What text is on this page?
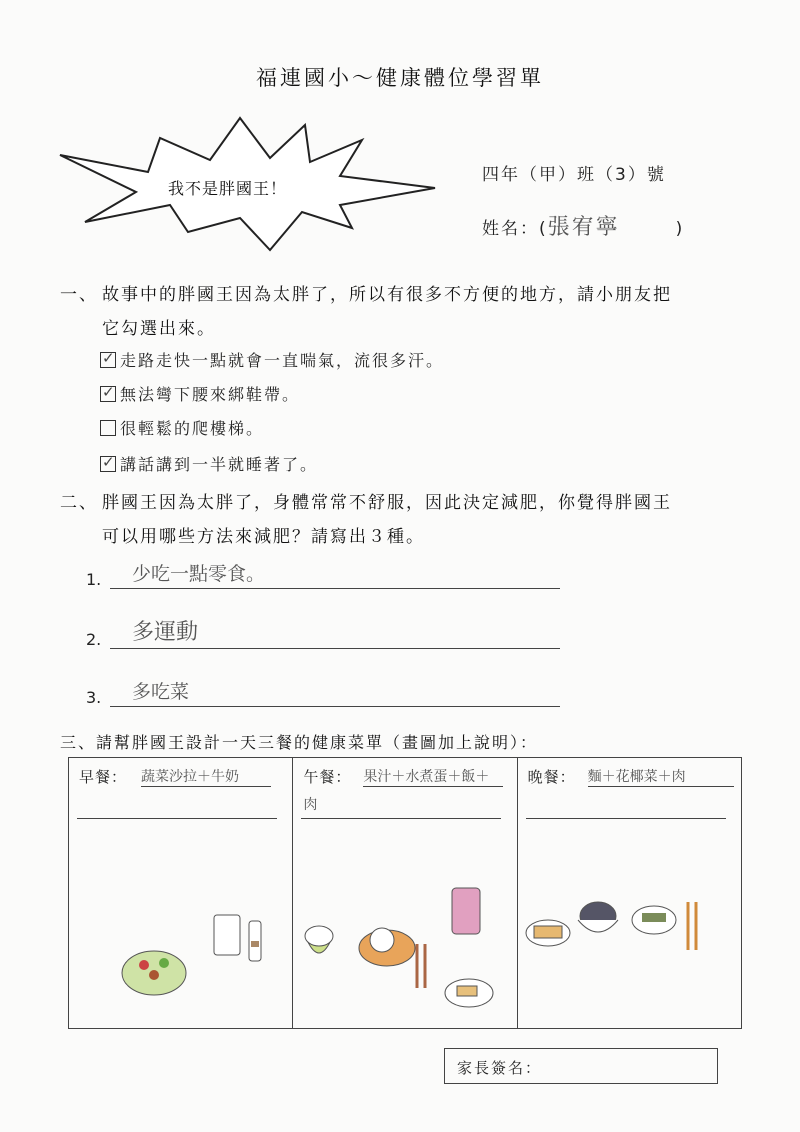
福連國小～健康體位學習單
我不是胖國王！
四年（甲）班（3）號
姓名：(張宥寧	)
一、 故事中的胖國王因為太胖了，所以有很多不方便的地方，請小朋友把
它勾選出來。
✓ 走路走快一點就會一直喘氣，流很多汗。
✓ 無法彎下腰來綁鞋帶。
很輕鬆的爬樓梯。
✓ 講話講到一半就睡著了。
二、 胖國王因為太胖了，身體常常不舒服，因此決定減肥，你覺得胖國王
可以用哪些方法來減肥？請寫出３種。
1.	少吃一點零食。
2.	多運動
3.	多吃菜
三、請幫胖國王設計一天三餐的健康菜單（畫圖加上說明）：
早餐： 蔬菜沙拉＋牛奶	午餐： 果汁＋水煮蛋＋飯＋
肉
晚餐： 麵＋花椰菜＋肉
家長簽名：
